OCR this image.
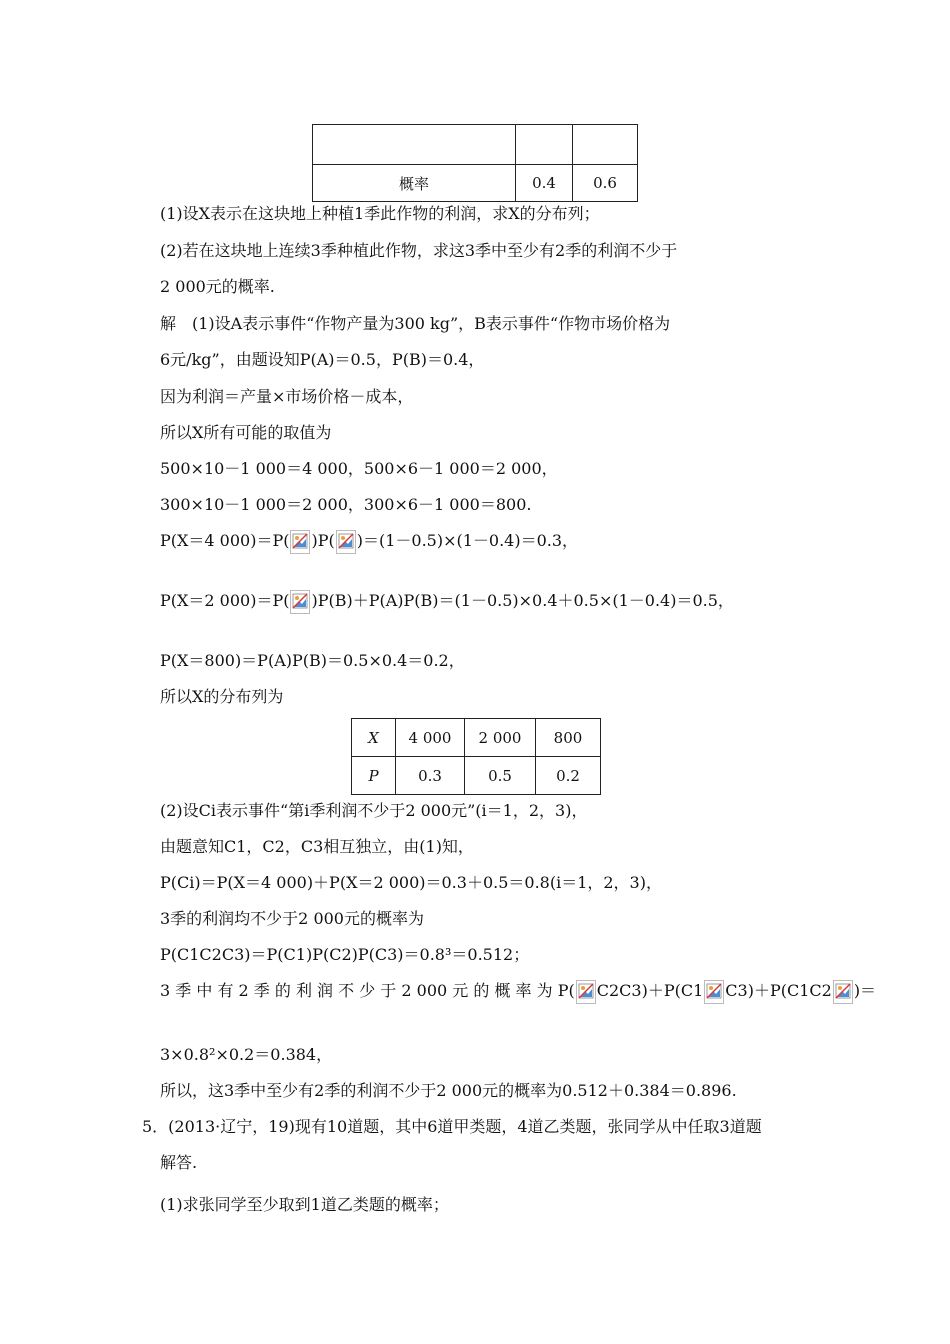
概率	0.4	0.6
(1)设X表示在这块地上种植1季此作物的利润，求X的分布列；
(2)若在这块地上连续3季种植此作物，求这3季中至少有2季的利润不少于
2 000元的概率.
解　(1)设A表示事件“作物产量为300 kg”，B表示事件“作物市场价格为
6元/kg”，由题设知P(A)＝0.5，P(B)＝0.4，
因为利润＝产量×市场价格－成本，
所以X所有可能的取值为
500×10－1 000＝4 000，500×6－1 000＝2 000，
300×10－1 000＝2 000，300×6－1 000＝800.
P(X＝4 000)＝P( )P( )＝(1－0.5)×(1－0.4)＝0.3，
P(X＝2 000)＝P( )P(B)＋P(A)P(B)＝(1－0.5)×0.4＋0.5×(1－0.4)＝0.5，
P(X＝800)＝P(A)P(B)＝0.5×0.4＝0.2，
所以X的分布列为
X	4 000	2 000	800
P	0.3	0.5	0.2
(2)设Ci表示事件“第i季利润不少于2 000元”(i＝1，2，3)，
由题意知C1，C2，C3相互独立，由(1)知，
P(Ci)＝P(X＝4 000)＋P(X＝2 000)＝0.3＋0.5＝0.8(i＝1，2，3)，
3季的利润均不少于2 000元的概率为
P(C1C2C3)＝P(C1)P(C2)P(C3)＝0.8³＝0.512；
3 季 中 有 2 季 的 利 润 不 少 于 2 000 元 的 概 率 为 P( C2C3)＋P(C1 C3)＋P(C1C2 )＝
3×0.8²×0.2＝0.384，
所以，这3季中至少有2季的利润不少于2 000元的概率为0.512＋0.384＝0.896.
5．(2013·辽宁，19)现有10道题，其中6道甲类题，4道乙类题，张同学从中任取3道题
解答.
(1)求张同学至少取到1道乙类题的概率；
